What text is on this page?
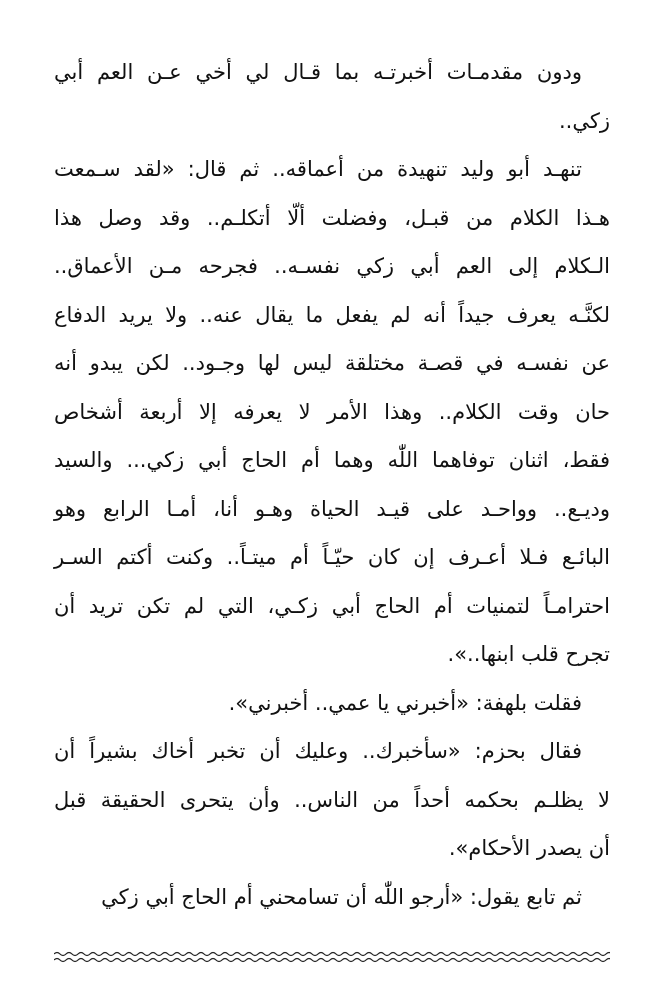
ودون مقدمـات أخبرتـه بما قـال لي أخي عـن العم أبي
زكي..

تنهـد أبو وليد تنهيدة من أعماقه.. ثم قال: «لقد سـمعت
هـذا الكلام من قبـل، وفضلت ألّا أتكلـم.. وقد وصل هذا
الـكلام إلى العم أبي زكي نفسـه.. فجرحه مـن الأعماق..
لكنَّـه يعرف جيداً أنه لم يفعل ما يقال عنه.. ولا يريد الدفاع
عن نفسـه في قصـة مختلقة ليس لها وجـود.. لكن يبدو أنه
حان وقت الكلام.. وهذا الأمر لا يعرفه إلا أربعة أشخاص
فقط، اثنان توفاهما اللّٰه وهما أم الحاج أبي زكي... والسيد
وديـع.. وواحـد على قيـد الحياة وهـو أنا، أمـا الرابع وهو
البائـع فـلا أعـرف إن كان حيّـاً أم ميتـاً.. وكنت أكتم السـر
احترامـاً لتمنيات أم الحاج أبي زكـي، التي لم تكن تريد أن
تجرح قلب ابنها..».

فقلت بلهفة: «أخبرني يا عمي.. أخبرني».

فقال بحزم: «سأخبرك.. وعليك أن تخبر أخاك بشيراً أن
لا يظلـم بحكمه أحداً من الناس.. وأن يتحرى الحقيقة قبل
أن يصدر الأحكام».

ثم تابع يقول: «أرجو اللّٰه أن تسامحني أم الحاج أبي زكي
